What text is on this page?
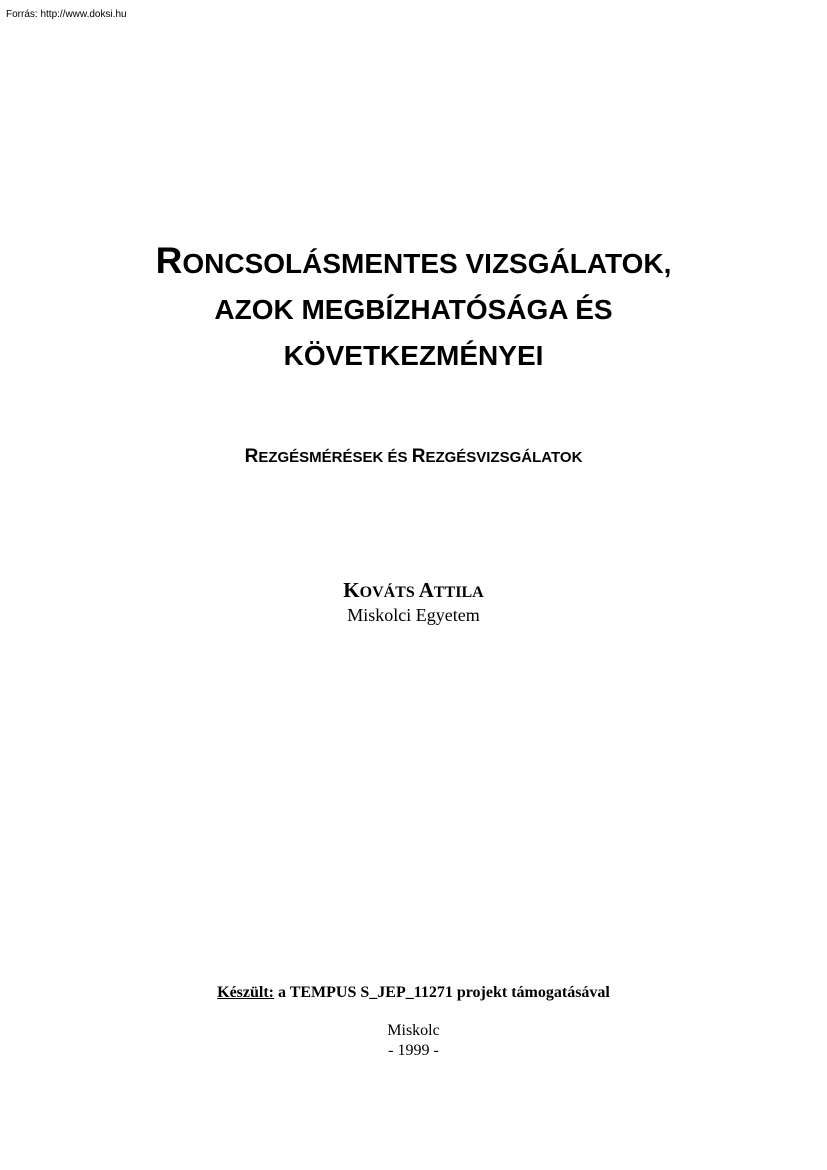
Forrás: http://www.doksi.hu
RONCSOLÁSMENTES VIZSGÁLATOK,
AZOK MEGBÍZHATÓSÁGA ÉS
KÖVETKEZMÉNYEI
REZGÉSMÉRÉSEK ÉS REZGÉSVIZSGÁLATOK
KOVÁTS ATTILA
Miskolci Egyetem
Készült: a TEMPUS S_JEP_11271 projekt támogatásával
Miskolc
- 1999 -
